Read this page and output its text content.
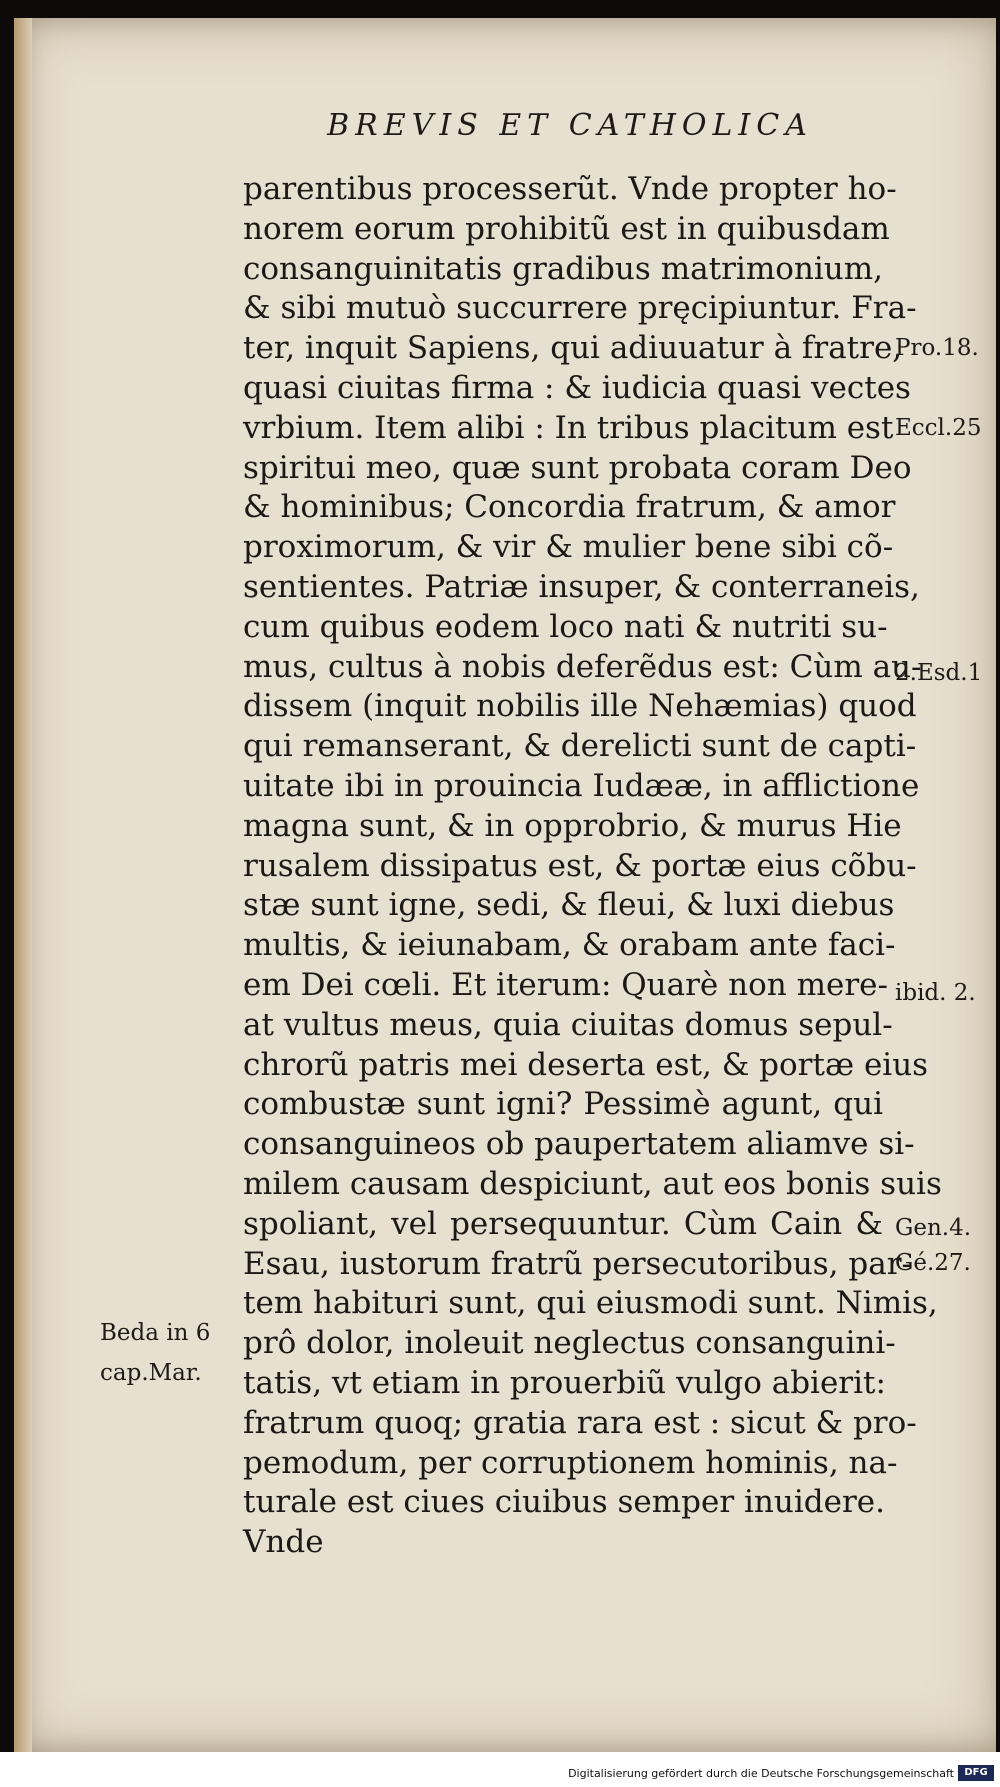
BREVIS ET CATHOLICA
parentibus processerũt. Vnde propter ho-
norem eorum prohibitũ est in quibusdam
consanguinitatis gradibus matrimonium,
& sibi mutuò succurrere pręcipiuntur. Fra-
ter, inquit Sapiens, qui adiuuatur à fratre,
quasi ciuitas firma : & iudicia quasi vectes
vrbium. Item alibi : In tribus placitum est
spiritui meo, quæ sunt probata coram Deo
& hominibus; Concordia fratrum, & amor
proximorum, & vir & mulier bene sibi cõ-
sentientes. Patriæ insuper, & conterraneis,
cum quibus eodem loco nati & nutriti su-
mus, cultus à nobis deferẽdus est: Cùm au-
dissem (inquit nobilis ille Nehæmias) quod
qui remanserant, & derelicti sunt de capti-
uitate ibi in prouincia Iudææ, in afflictione
magna sunt, & in opprobrio, & murus Hie
rusalem dissipatus est, & portæ eius cõbu-
stæ sunt igne, sedi, & fleui, & luxi diebus
multis, & ieiunabam, & orabam ante faci-
em Dei cœli. Et iterum: Quarè non mere-
at vultus meus, quia ciuitas domus sepul-
chrorũ patris mei deserta est, & portæ eius
combustæ sunt igni? Pessimè agunt, qui
consanguineos ob paupertatem aliamve si-
milem causam despiciunt, aut eos bonis suis
spoliant, vel persequuntur. Cùm Cain &
Esau, iustorum fratrũ persecutoribus, par-
tem habituri sunt, qui eiusmodi sunt. Nimis,
prô dolor, inoleuit neglectus consanguini-
tatis, vt etiam in prouerbiũ vulgo abierit:
fratrum quoq; gratia rara est : sicut & pro-
pemodum, per corruptionem hominis, na-
turale est ciues ciuibus semper inuidere.
Vnde
Pro.18.
Eccl.25
2.Esd.1
ibid. 2.
Gen.4.
Gé.27.
Beda in 6
cap.Mar.
Digitalisierung gefördert durch die Deutsche Forschungsgemeinschaft	DFG
